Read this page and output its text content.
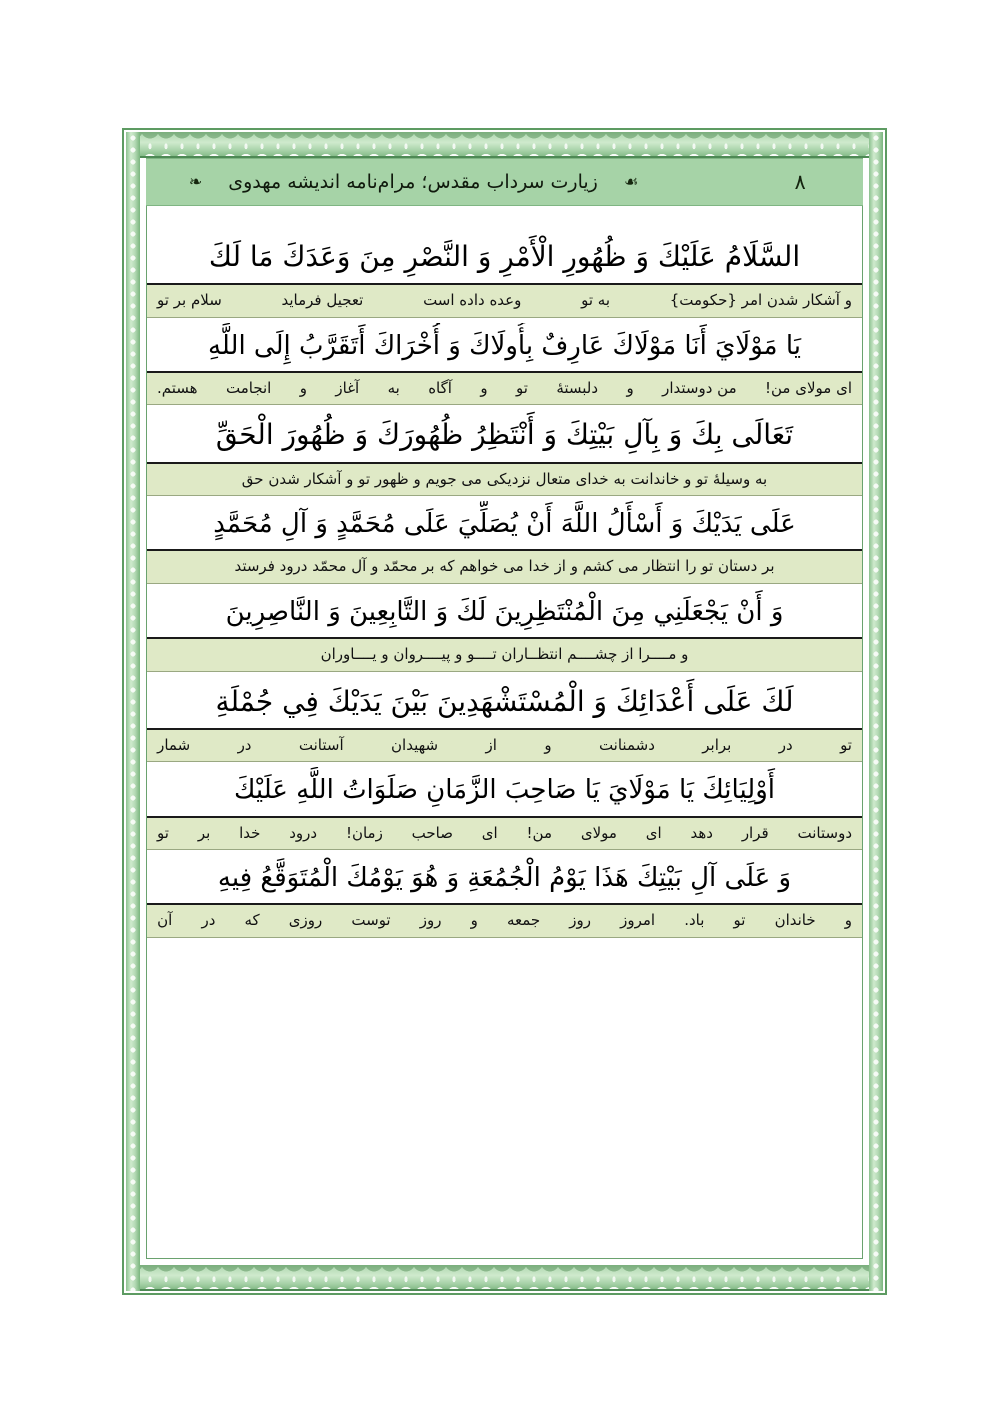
۸
☙
زیارت سرداب مقدس؛ مرام‌نامه اندیشه مهدوی
❧
السَّلَامُ عَلَيْكَ وَ ظُهُورِ الْأَمْرِ وَ النَّصْرِ مِنَ وَعَدَكَ مَا لَكَ
و آشکار شدن امر {حکومت}
به تو
وعده داده است
تعجیل فرماید
سلام بر تو
يَا مَوْلَايَ أَنَا مَوْلَاكَ عَارِفٌ بِأُولَاكَ وَ أُخْرَاكَ أَتَقَرَّبُ إِلَى اللَّهِ
ای مولای من!
من دوستدار
و
دلبستهٔ
تو
و
آگاه
به
آغاز
و
انجامت
هستم.
تَعَالَى بِكَ وَ بِآلِ بَيْتِكَ وَ أَنْتَظِرُ ظُهُورَكَ وَ ظُهُورَ الْحَقِّ
به وسیلهٔ تو و خاندانت به خدای متعال نزدیکی می جویم و ظهور تو و آشکار شدن حق
عَلَى يَدَيْكَ وَ أَسْأَلُ اللَّهَ أَنْ يُصَلِّيَ عَلَى مُحَمَّدٍ وَ آلِ مُحَمَّدٍ
بر دستان تو را انتظار می کشم و از خدا می خواهم که بر محمّد و آل محمّد درود فرستد
وَ أَنْ يَجْعَلَنِي مِنَ الْمُنْتَظِرِينَ لَكَ وَ التَّابِعِينَ وَ النَّاصِرِينَ
و مــــرا از چشــــم انتظــاران تــــو و پیــــروان و یــــاوران
لَكَ عَلَى أَعْدَائِكَ وَ الْمُسْتَشْهَدِينَ بَيْنَ يَدَيْكَ فِي جُمْلَةِ
تو
در
برابر
دشمنانت
و
از
شهیدان
آستانت
در
شمار
أَوْلِيَائِكَ يَا مَوْلَايَ يَا صَاحِبَ الزَّمَانِ صَلَوَاتُ اللَّهِ عَلَيْكَ
دوستانت
قرار
دهد
ای
مولای
من!
ای
صاحب
زمان!
درود
خدا
بر
تو
وَ عَلَى آلِ بَيْتِكَ هَذَا يَوْمُ الْجُمُعَةِ وَ هُوَ يَوْمُكَ الْمُتَوَقَّعُ فِيهِ
و
خاندان
تو
باد.
امروز
روز
جمعه
و
روز
توست
روزی
که
در
آن
